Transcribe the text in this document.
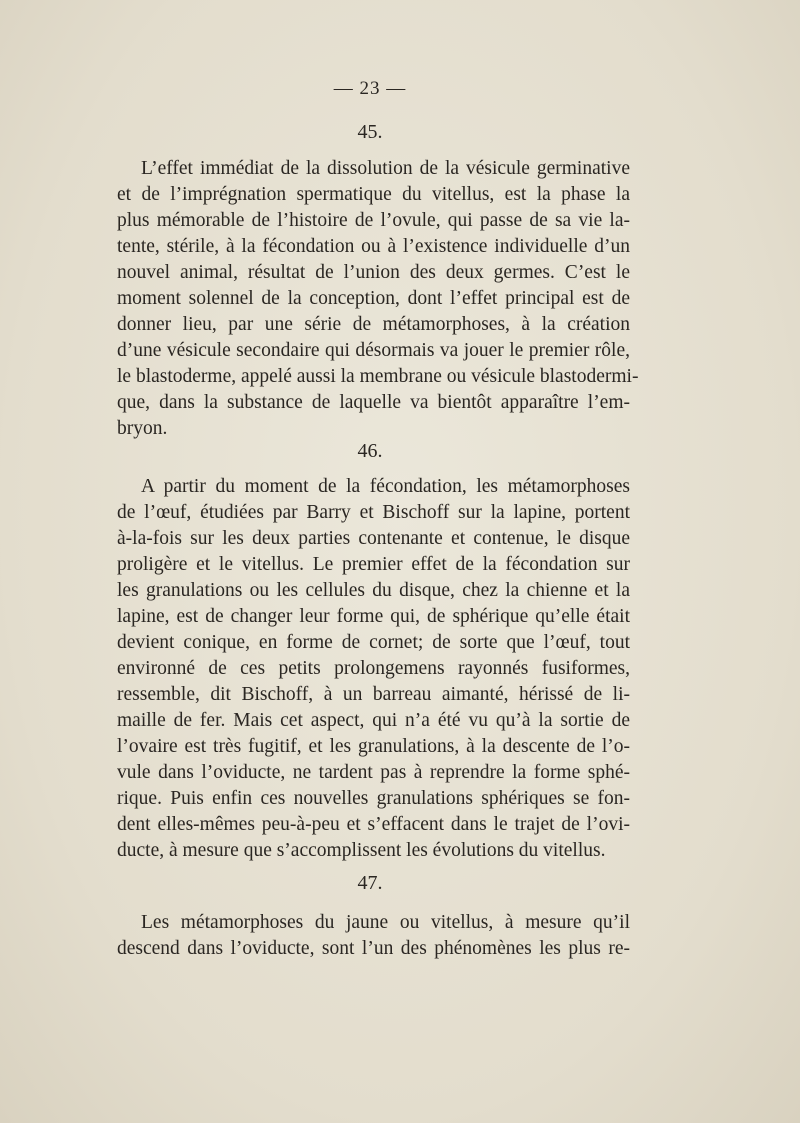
— 23 —
45.
L’effet immédiat de la dissolution de la vésicule germinative
et de l’imprégnation spermatique du vitellus, est la phase la
plus mémorable de l’histoire de l’ovule, qui passe de sa vie la-
tente, stérile, à la fécondation ou à l’existence individuelle d’un
nouvel animal, résultat de l’union des deux germes. C’est le
moment solennel de la conception, dont l’effet principal est de
donner lieu, par une série de métamorphoses, à la création
d’une vésicule secondaire qui désormais va jouer le premier rôle,
le blastoderme, appelé aussi la membrane ou vésicule blastodermi-
que, dans la substance de laquelle va bientôt apparaître l’em-
bryon.
46.
A partir du moment de la fécondation, les métamorphoses
de l’œuf, étudiées par Barry et Bischoff sur la lapine, portent
à-la-fois sur les deux parties contenante et contenue, le disque
proligère et le vitellus. Le premier effet de la fécondation sur
les granulations ou les cellules du disque, chez la chienne et la
lapine, est de changer leur forme qui, de sphérique qu’elle était
devient conique, en forme de cornet; de sorte que l’œuf, tout
environné de ces petits prolongemens rayonnés fusiformes,
ressemble, dit Bischoff, à un barreau aimanté, hérissé de li-
maille de fer. Mais cet aspect, qui n’a été vu qu’à la sortie de
l’ovaire est très fugitif, et les granulations, à la descente de l’o-
vule dans l’oviducte, ne tardent pas à reprendre la forme sphé-
rique. Puis enfin ces nouvelles granulations sphériques se fon-
dent elles-mêmes peu-à-peu et s’effacent dans le trajet de l’ovi-
ducte, à mesure que s’accomplissent les évolutions du vitellus.
47.
Les métamorphoses du jaune ou vitellus, à mesure qu’il
descend dans l’oviducte, sont l’un des phénomènes les plus re-
